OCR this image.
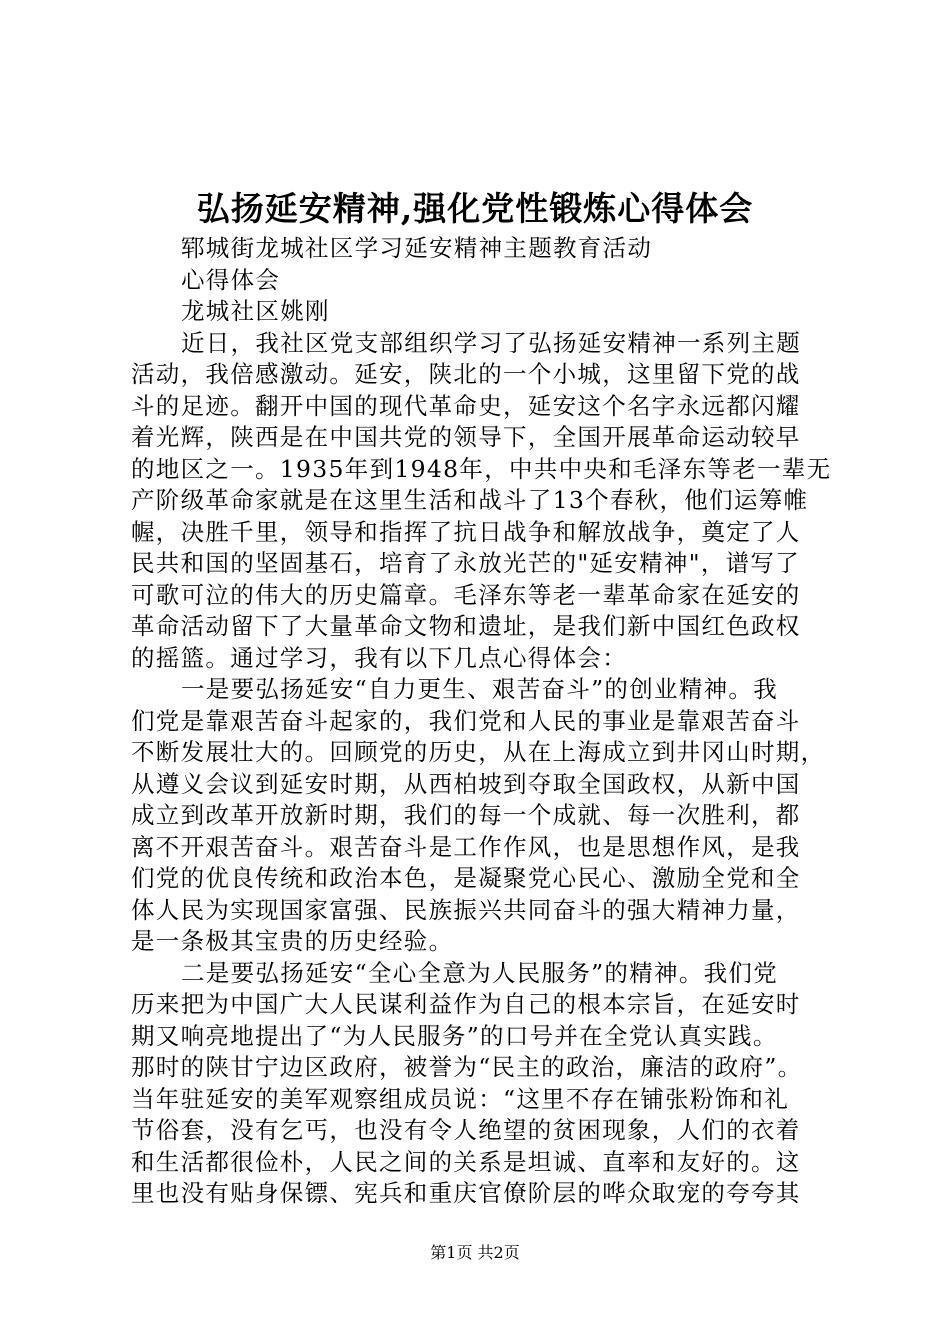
弘扬延安精神,强化党性锻炼心得体会
郓城街龙城社区学习延安精神主题教育活动
心得体会
龙城社区姚刚
近日，我社区党支部组织学习了弘扬延安精神一系列主题
活动，我倍感激动。延安，陕北的一个小城，这里留下党的战
斗的足迹。翻开中国的现代革命史，延安这个名字永远都闪耀
着光辉，陕西是在中国共党的领导下，全国开展革命运动较早
的地区之一。1935年到1948年，中共中央和毛泽东等老一辈无
产阶级革命家就是在这里生活和战斗了13个春秋，他们运筹帷
幄，决胜千里，领导和指挥了抗日战争和解放战争，奠定了人
民共和国的坚固基石，培育了永放光芒的"延安精神"，谱写了
可歌可泣的伟大的历史篇章。毛泽东等老一辈革命家在延安的
革命活动留下了大量革命文物和遗址，是我们新中国红色政权
的摇篮。通过学习，我有以下几点心得体会：
一是要弘扬延安“自力更生、艰苦奋斗”的创业精神。我
们党是靠艰苦奋斗起家的，我们党和人民的事业是靠艰苦奋斗
不断发展壮大的。回顾党的历史，从在上海成立到井冈山时期，
从遵义会议到延安时期，从西柏坡到夺取全国政权，从新中国
成立到改革开放新时期，我们的每一个成就、每一次胜利，都
离不开艰苦奋斗。艰苦奋斗是工作作风，也是思想作风，是我
们党的优良传统和政治本色，是凝聚党心民心、激励全党和全
体人民为实现国家富强、民族振兴共同奋斗的强大精神力量，
是一条极其宝贵的历史经验。
二是要弘扬延安“全心全意为人民服务”的精神。我们党
历来把为中国广大人民谋利益作为自己的根本宗旨，在延安时
期又响亮地提出了“为人民服务”的口号并在全党认真实践。
那时的陕甘宁边区政府，被誉为“民主的政治，廉洁的政府”。
当年驻延安的美军观察组成员说：“这里不存在铺张粉饰和礼
节俗套，没有乞丐，也没有令人绝望的贫困现象，人们的衣着
和生活都很俭朴，人民之间的关系是坦诚、直率和友好的。这
里也没有贴身保镖、宪兵和重庆官僚阶层的哗众取宠的夸夸其
第1页 共2页
